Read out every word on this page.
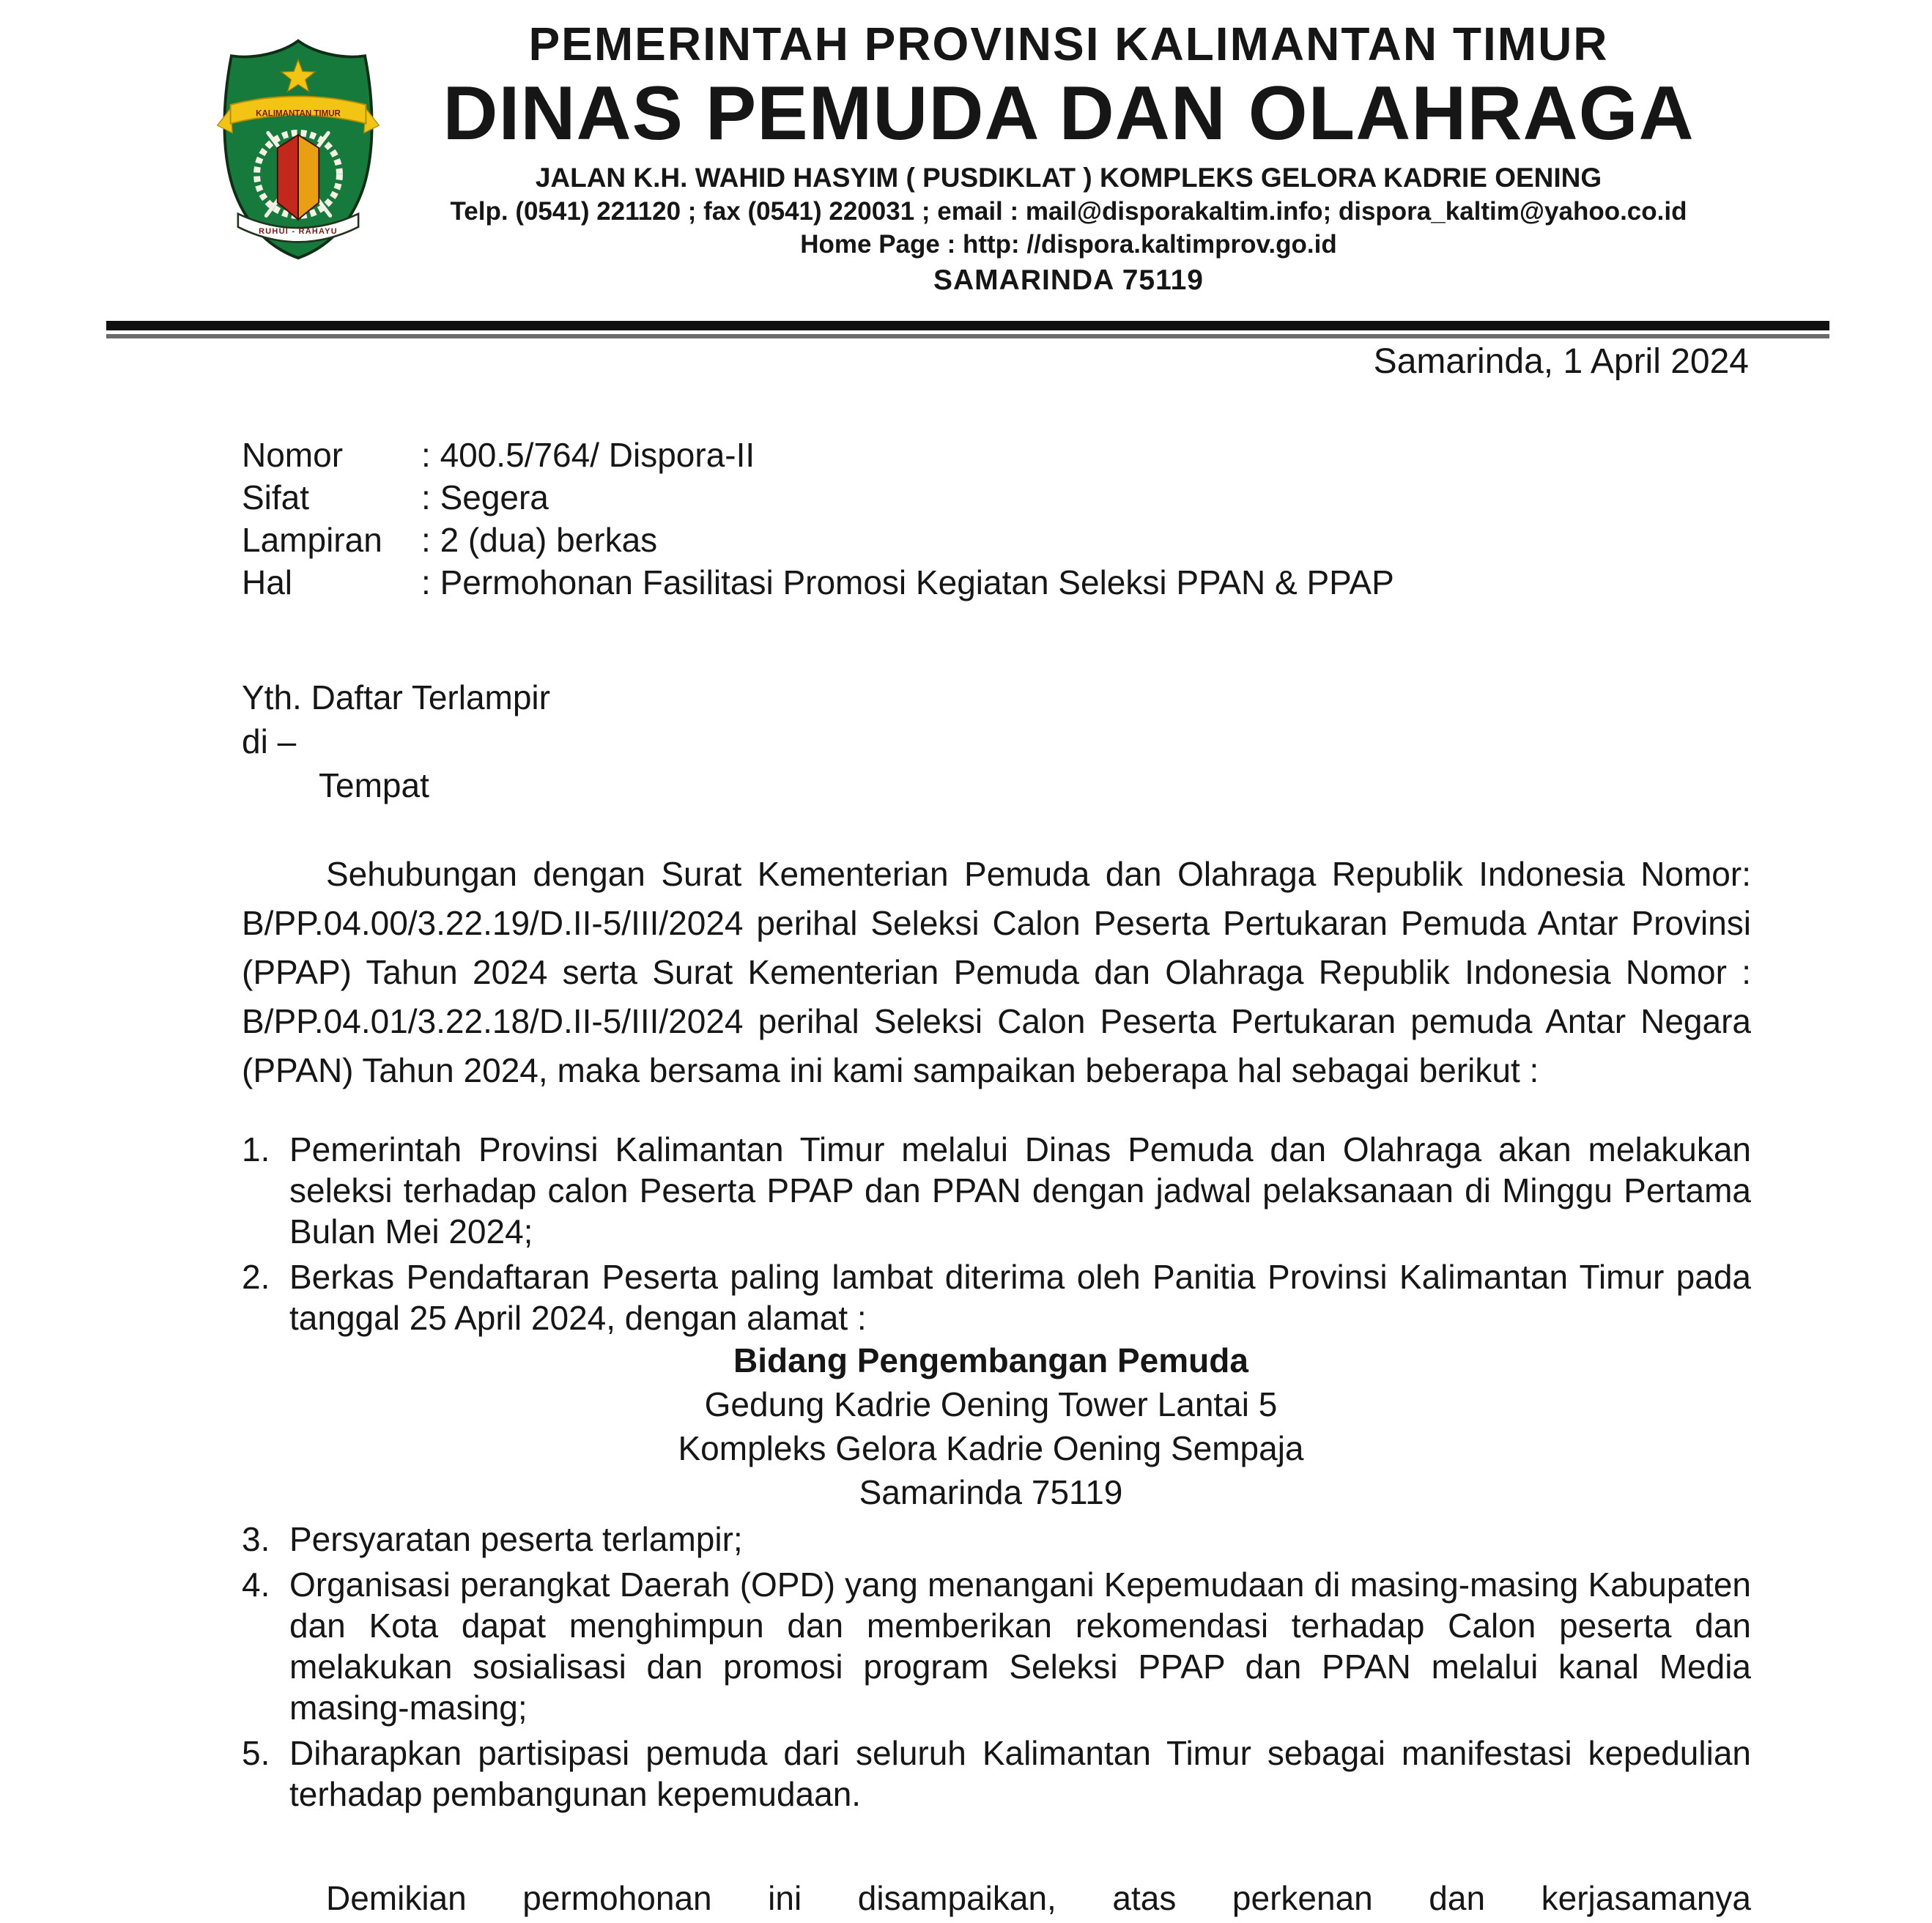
KALIMANTAN TIMUR
RUHUI - RAHAYU
PEMERINTAH PROVINSI KALIMANTAN TIMUR
DINAS PEMUDA DAN OLAHRAGA
JALAN K.H. WAHID HASYIM ( PUSDIKLAT ) KOMPLEKS GELORA KADRIE OENING
Telp. (0541) 221120 ; fax (0541) 220031 ; email : mail@disporakaltim.info; dispora_kaltim@yahoo.co.id
Home Page : http: //dispora.kaltimprov.go.id
SAMARINDA 75119
Samarinda, 1 April 2024
Nomor	: 400.5/764/ Dispora-II
Sifat	: Segera
Lampiran	: 2 (dua) berkas
Hal	: Permohonan Fasilitasi Promosi Kegiatan Seleksi PPAN & PPAP
Yth. Daftar Terlampir
di –
Tempat

Sehubungan dengan Surat Kementerian Pemuda dan Olahraga Republik Indonesia Nomor: B/PP.04.00/3.22.19/D.II-5/III/2024 perihal Seleksi Calon Peserta Pertukaran Pemuda Antar Provinsi (PPAP) Tahun 2024 serta Surat Kementerian Pemuda dan Olahraga Republik Indonesia Nomor : B/PP.04.01/3.22.18/D.II-5/III/2024 perihal Seleksi Calon Peserta Pertukaran pemuda Antar Negara (PPAN) Tahun 2024, maka bersama ini kami sampaikan beberapa hal sebagai berikut :

1. Pemerintah Provinsi Kalimantan Timur melalui Dinas Pemuda dan Olahraga akan melakukan seleksi terhadap calon Peserta PPAP dan PPAN dengan jadwal pelaksanaan di Minggu Pertama Bulan Mei 2024;
2. Berkas Pendaftaran Peserta paling lambat diterima oleh Panitia Provinsi Kalimantan Timur pada tanggal 25 April 2024, dengan alamat :
Bidang Pengembangan Pemuda
Gedung Kadrie Oening Tower Lantai 5
Kompleks Gelora Kadrie Oening Sempaja
Samarinda 75119
3. Persyaratan peserta terlampir;
4. Organisasi perangkat Daerah (OPD) yang menangani Kepemudaan di masing-masing Kabupaten dan Kota dapat menghimpun dan memberikan rekomendasi terhadap Calon peserta dan melakukan sosialisasi dan promosi program Seleksi PPAP dan PPAN melalui kanal Media masing-masing;
5. Diharapkan partisipasi pemuda dari seluruh Kalimantan Timur sebagai manifestasi kepedulian terhadap pembangunan kepemudaan.

Demikian permohonan ini disampaikan, atas perkenan dan kerjasamanya
